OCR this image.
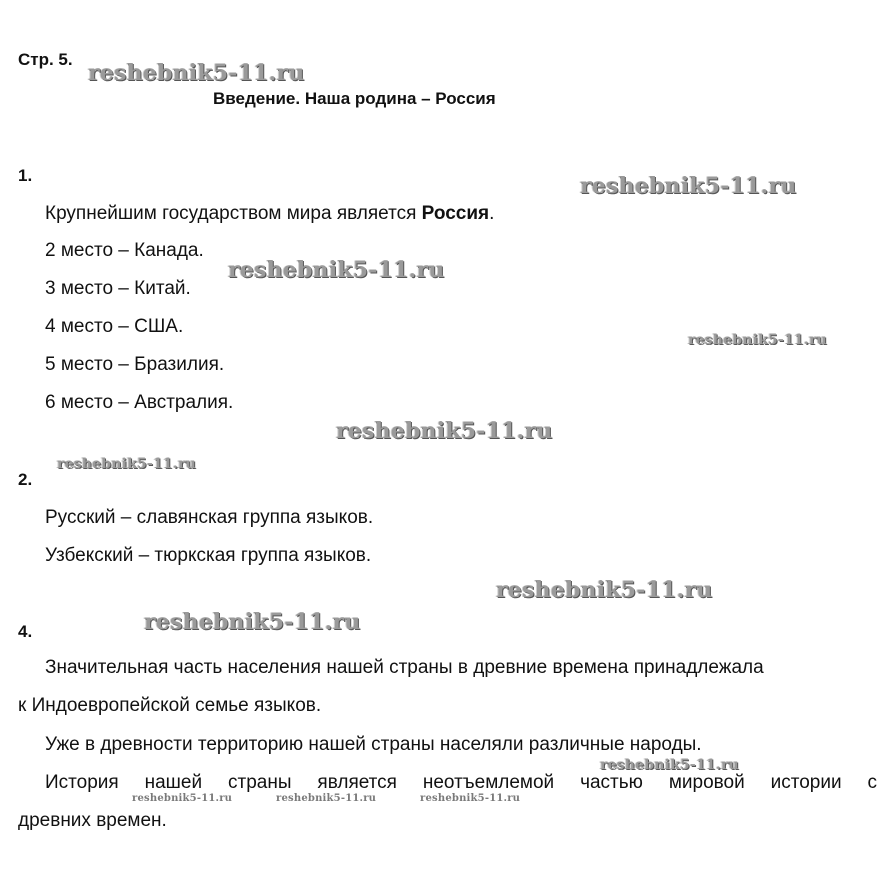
Стр. 5.
Введение. Наша родина – Россия
1.
Крупнейшим государством мира является Россия.
2 место – Канада.
3 место – Китай.
4 место – США.
5 место – Бразилия.
6 место – Австралия.
2.
Русский – славянская группа языков.
Узбекский – тюркская группа языков.
4.
Значительная часть населения нашей страны в древние времена принадлежала
к Индоевропейской семье языков.
Уже в древности территорию нашей страны населяли различные народы.
История нашей страны является неотъемлемой частью мировой истории с
древних времен.
reshebnik5-11.ru
reshebnik5-11.ru
reshebnik5-11.ru
reshebnik5-11.ru
reshebnik5-11.ru
reshebnik5-11.ru
reshebnik5-11.ru
reshebnik5-11.ru
reshebnik5-11.ru
reshebnik5-11.ru	reshebnik5-11.ru	reshebnik5-11.ru
